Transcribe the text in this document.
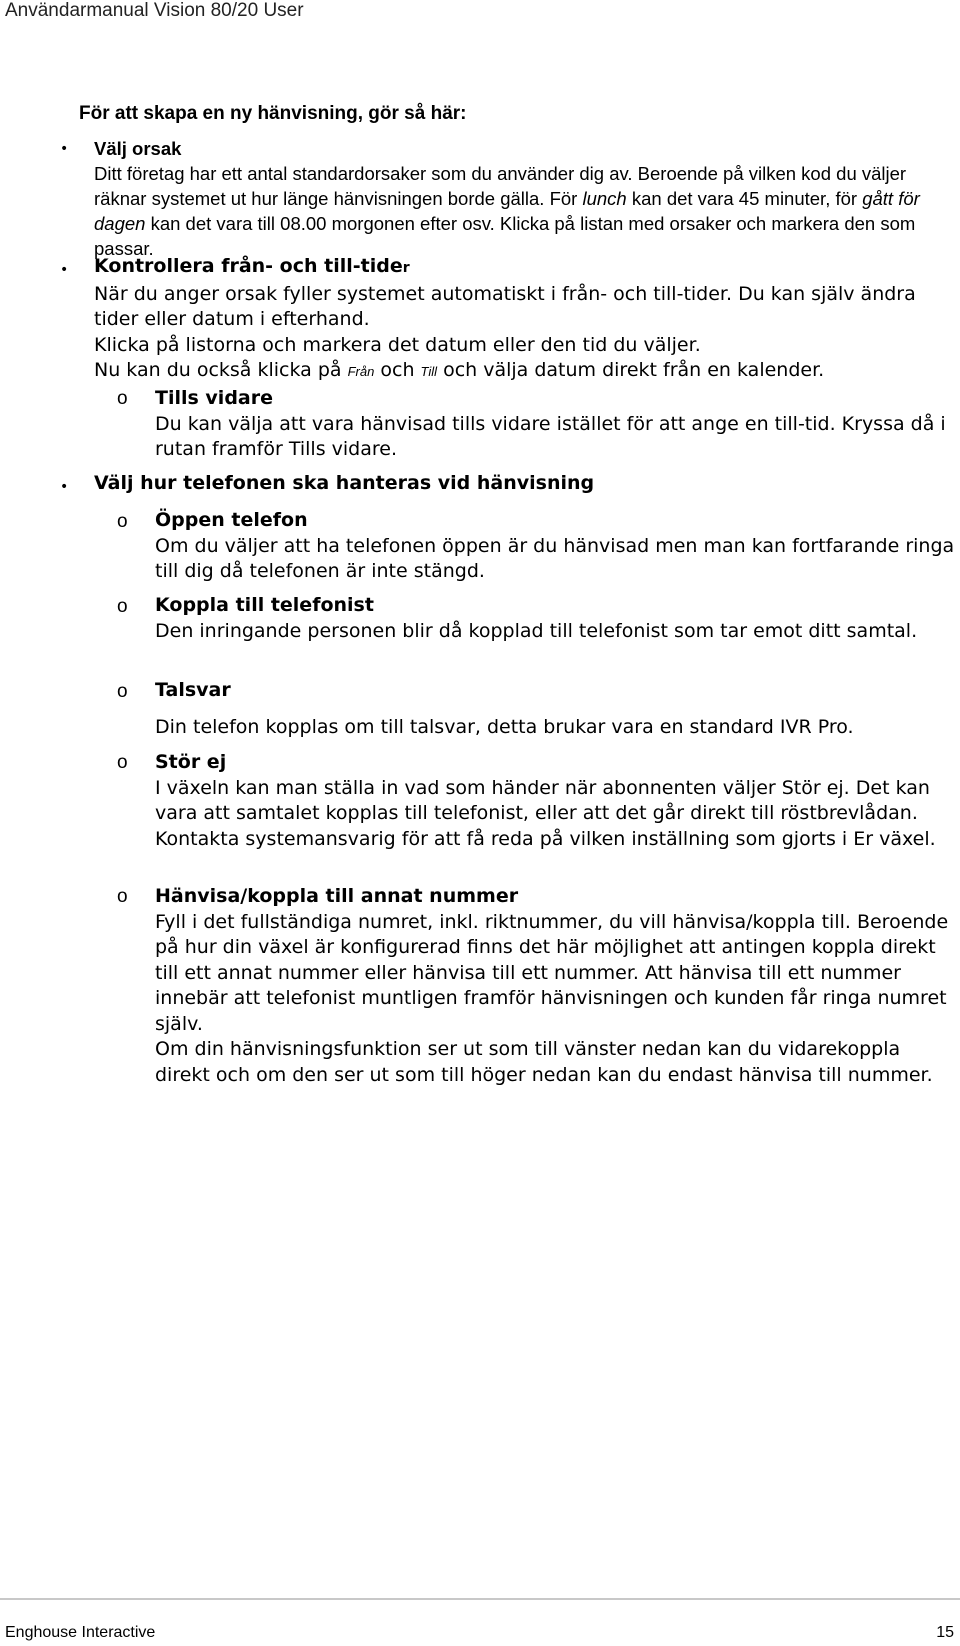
Användarmanual Vision 80/20 User
För att skapa en ny hänvisning, gör så här:
• Välj orsak

Ditt företag har ett antal standardorsaker som du använder dig av. Beroende på vilken kod du väljer räknar systemet ut hur länge hänvisningen borde gälla. För lunch kan det vara 45 minuter, för gått för dagen kan det vara till 08.00 morgonen efter osv. Klicka på listan med orsaker och markera den som passar.

• Kontrollera från- och till-tider

När du anger orsak fyller systemet automatiskt i från- och till-tider. Du kan själv ändra tider eller datum i efterhand.

Klicka på listorna och markera det datum eller den tid du väljer.

Nu kan du också klicka på Från och Till och välja datum direkt från en kalender.

o Tills vidare

Du kan välja att vara hänvisad tills vidare istället för att ange en till-tid. Kryssa då i rutan framför Tills vidare.

• Välj hur telefonen ska hanteras vid hänvisning

o Öppen telefon

Om du väljer att ha telefonen öppen är du hänvisad men man kan fortfarande ringa till dig då telefonen är inte stängd.

o Koppla till telefonist

Den inringande personen blir då kopplad till telefonist som tar emot ditt samtal.

o Talsvar

Din telefon kopplas om till talsvar, detta brukar vara en standard IVR Pro.

o Stör ej

I växeln kan man ställa in vad som händer när abonnenten väljer Stör ej. Det kan vara att samtalet kopplas till telefonist, eller att det går direkt till röstbrevlådan. Kontakta systemansvarig för att få reda på vilken inställning som gjorts i Er växel.

o Hänvisa/koppla till annat nummer

Fyll i det fullständiga numret, inkl. riktnummer, du vill hänvisa/koppla till. Beroende på hur din växel är konfigurerad finns det här möjlighet att antingen koppla direkt till ett annat nummer eller hänvisa till ett nummer. Att hänvisa till ett nummer innebär att telefonist muntligen framför hänvisningen och kunden får ringa numret själv.

Om din hänvisningsfunktion ser ut som till vänster nedan kan du vidarekoppla direkt och om den ser ut som till höger nedan kan du endast hänvisa till nummer.

Enghouse Interactive	15
